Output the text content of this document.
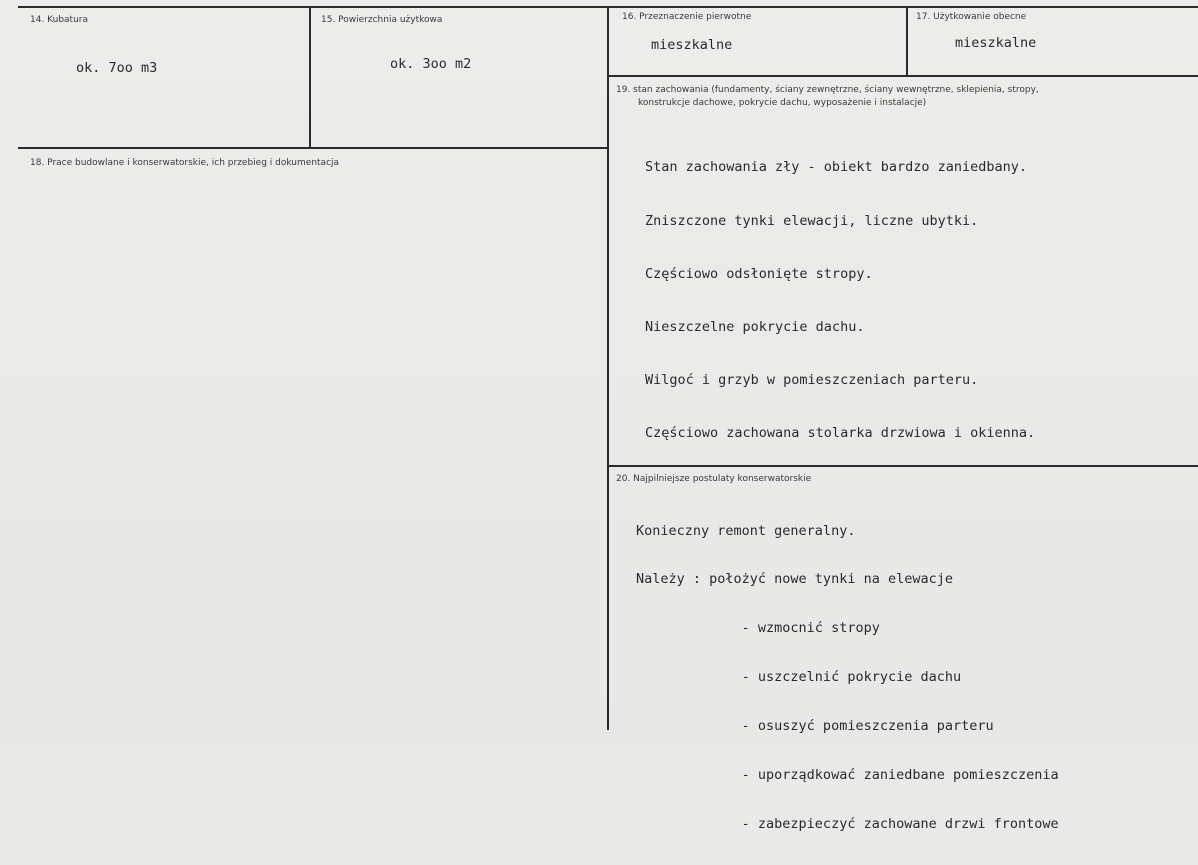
14. Kubatura
ok. 7oo m3
15. Powierzchnia użytkowa
ok. 3oo m2
16. Przeznaczenie pierwotne
mieszkalne
17. Użytkowanie obecne
mieszkalne
18. Prace budowlane i konserwatorskie, ich przebieg i dokumentacja
19. stan zachowania (fundamenty, ściany zewnętrzne, ściany wewnętrzne, sklepienia, stropy,
konstrukcje dachowe, pokrycie dachu, wyposażenie i instalacje)

Stan zachowania zły - obiekt bardzo zaniedbany.

Zniszczone tynki elewacji, liczne ubytki.

Częściowo odsłonięte stropy.

Nieszczelne pokrycie dachu.

Wilgoć i grzyb w pomieszczeniach parteru.

Częściowo zachowana stolarka drzwiowa i okienna.

20. Najpilniejsze postulaty konserwatorskie

Konieczny remont generalny.

Należy : położyć nowe tynki na elewacje

- wzmocnić stropy

- uszczelnić pokrycie dachu

- osuszyć pomieszczenia parteru

- uporządkować zaniedbane pomieszczenia

- zabezpieczyć zachowane drzwi frontowe
